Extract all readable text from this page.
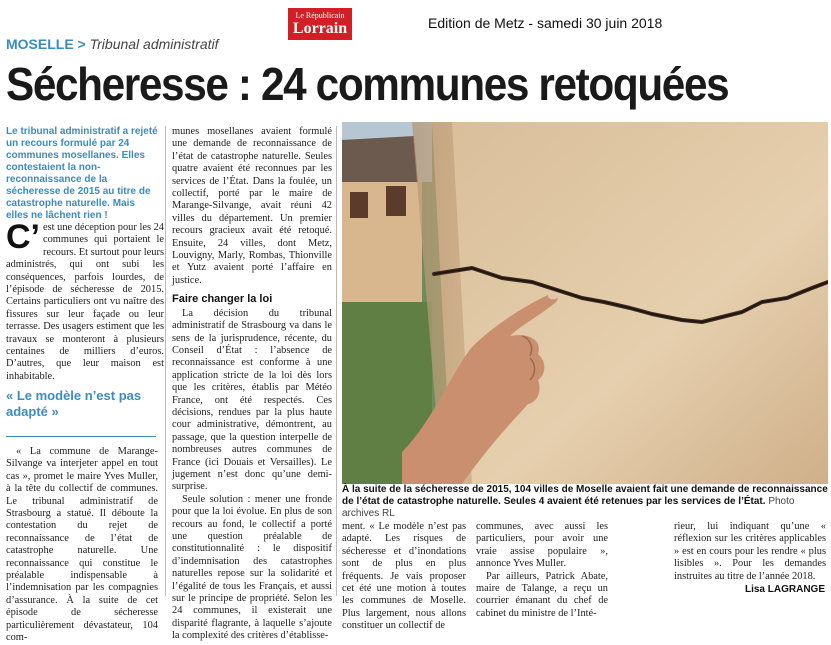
Le Républicain
Lorrain	Edition de Metz - samedi 30 juin 2018
MOSELLE > Tribunal administratif
Sécheresse : 24 communes retoquées
Le tribunal administratif a rejeté un recours formulé par 24 communes mosellanes. Elles contestaient la non-reconnaissance de la sécheresse de 2015 au titre de catastrophe naturelle. Mais elles ne lâchent rien !
C’ est une déception pour les 24 communes qui portaient le recours. Et surtout pour leurs administrés, qui ont subi les conséquences, parfois lourdes, de l’épisode de sécheresse de 2015. Certains particuliers ont vu naître des fissures sur leur façade ou leur terrasse. Des usagers estiment que les travaux se monteront à plusieurs centaines de milliers d’euros. D’autres, que leur maison est inhabitable.
« Le modèle n’est pas adapté »

« La commune de Marange-Silvange va interjeter appel en tout cas », promet le maire Yves Muller, à la tête du collectif de communes. Le tribunal administratif de Strasbourg a statué. Il déboute la contestation du rejet de reconnaissance de l’état de catastrophe naturelle. Une reconnaissance qui constitue le préalable indispensable à l’indemnisation par les compagnies d’assurance. À la suite de cet épisode de sécheresse particulièrement dévastateur, 104 com-

munes mosellanes avaient formulé une demande de reconnaissance de l’état de catastrophe naturelle. Seules quatre avaient été reconnues par les services de l’État. Dans la foulée, un collectif, porté par le maire de Marange-Silvange, avait réuni 42 villes du département. Un premier recours gracieux avait été retoqué. Ensuite, 24 villes, dont Metz, Louvigny, Marly, Rombas, Thionville et Yutz avaient porté l’affaire en justice.

Faire changer la loi

La décision du tribunal administratif de Strasbourg va dans le sens de la jurisprudence, récente, du Conseil d’État : l’absence de reconnaissance est conforme à une application stricte de la loi dès lors que les critères, établis par Météo France, ont été respectés. Ces décisions, rendues par la plus haute cour administrative, démontrent, au passage, que la question interpelle de nombreuses autres communes de France (ici Douais et Versailles). Le jugement n’est donc qu’une demi-surprise.

Seule solution : mener une fronde pour que la loi évolue. En plus de son recours au fond, le collectif a porté une question préalable de constitutionnalité : le dispositif d’indemnisation des catastrophes naturelles repose sur la solidarité et l’égalité de tous les Français, et aussi sur le principe de propriété. Selon les 24 communes, il existerait une disparité flagrante, à laquelle s’ajoute la complexité des critères d’établisse-

À la suite de la sécheresse de 2015, 104 villes de Moselle avaient fait une demande de reconnaissance de l’état de catastrophe naturelle. Seules 4 avaient été retenues par les services de l’État. Photo archives RL

ment. « Le modèle n’est pas adapté. Les risques de sécheresse et d’inondations sont de plus en plus fréquents. Je vais proposer cet été une motion à toutes les communes de Moselle. Plus largement, nous allons constituer un collectif de

communes, avec aussi les particuliers, pour avoir une vraie assise populaire », annonce Yves Muller.

Par ailleurs, Patrick Abate, maire de Talange, a reçu un courrier émanant du chef de cabinet du ministre de l’Inté-

rieur, lui indiquant qu’une « réflexion sur les critères applicables » est en cours pour les rendre « plus lisibles ». Pour les demandes instruites au titre de l’année 2018.

Lisa LAGRANGE
